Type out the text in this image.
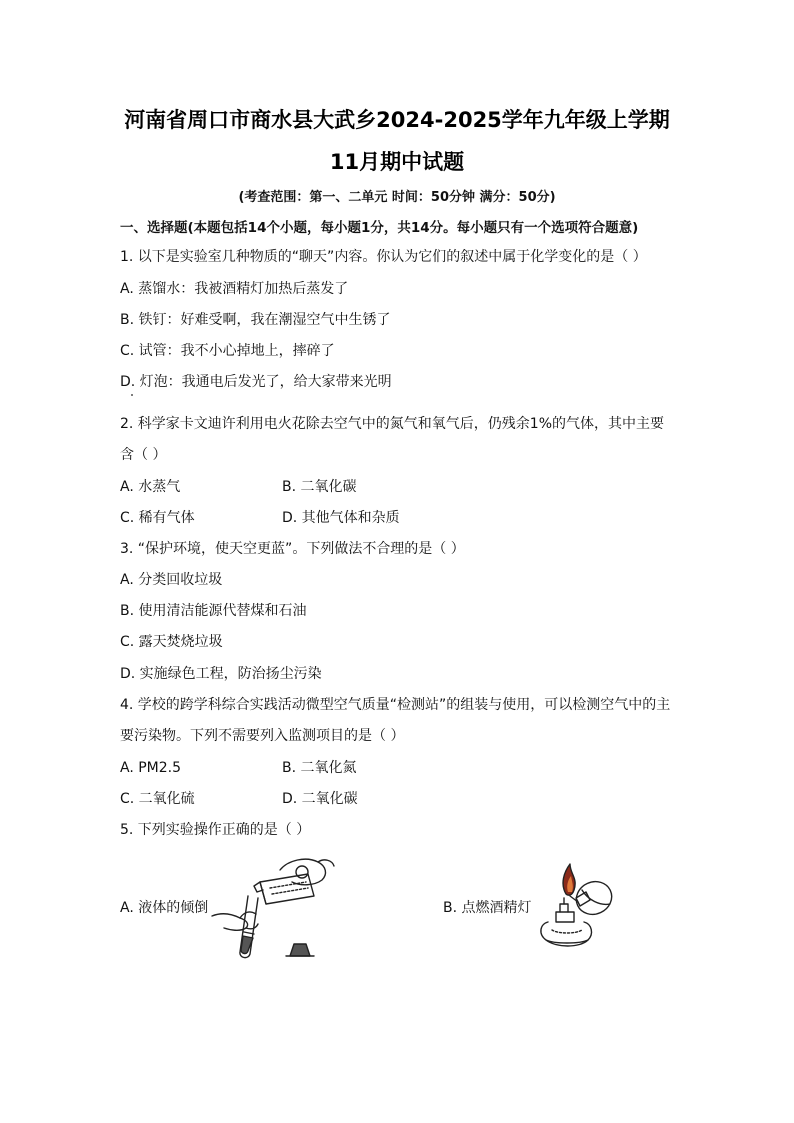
河南省周口市商水县大武乡2024-2025学年九年级上学期
11月期中试题
(考查范围：第一、二单元 时间：50分钟 满分：50分)
一、选择题(本题包括14个小题，每小题1分，共14分。每小题只有一个选项符合题意)
1. 以下是实验室几种物质的“聊天”内容。你认为它们的叙述中属于化学变化的是（ ）
A. 蒸馏水：我被酒精灯加热后蒸发了
B. 铁钉：好难受啊，我在潮湿空气中生锈了
C. 试管：我不小心掉地上，摔碎了
D. 灯泡：我通电后发光了，给大家带来光明
2. 科学家卡文迪许利用电火花除去空气中的氮气和氧气后，仍残余1%的气体，其中主要
含（ ）
A. 水蒸气	B. 二氧化碳
C. 稀有气体	D. 其他气体和杂质
3. “保护环境，使天空更蓝”。下列做法不合理的是（ ）
A. 分类回收垃圾
B. 使用清洁能源代替煤和石油
C. 露天焚烧垃圾
D. 实施绿色工程，防治扬尘污染
4. 学校的跨学科综合实践活动微型空气质量“检测站”的组装与使用，可以检测空气中的主
要污染物。下列不需要列入监测项目的是（ ）
A. PM2.5	B. 二氧化氮
C. 二氧化硫	D. 二氧化碳
5. 下列实验操作正确的是（ ）
A. 液体的倾倒	B. 点燃酒精灯
